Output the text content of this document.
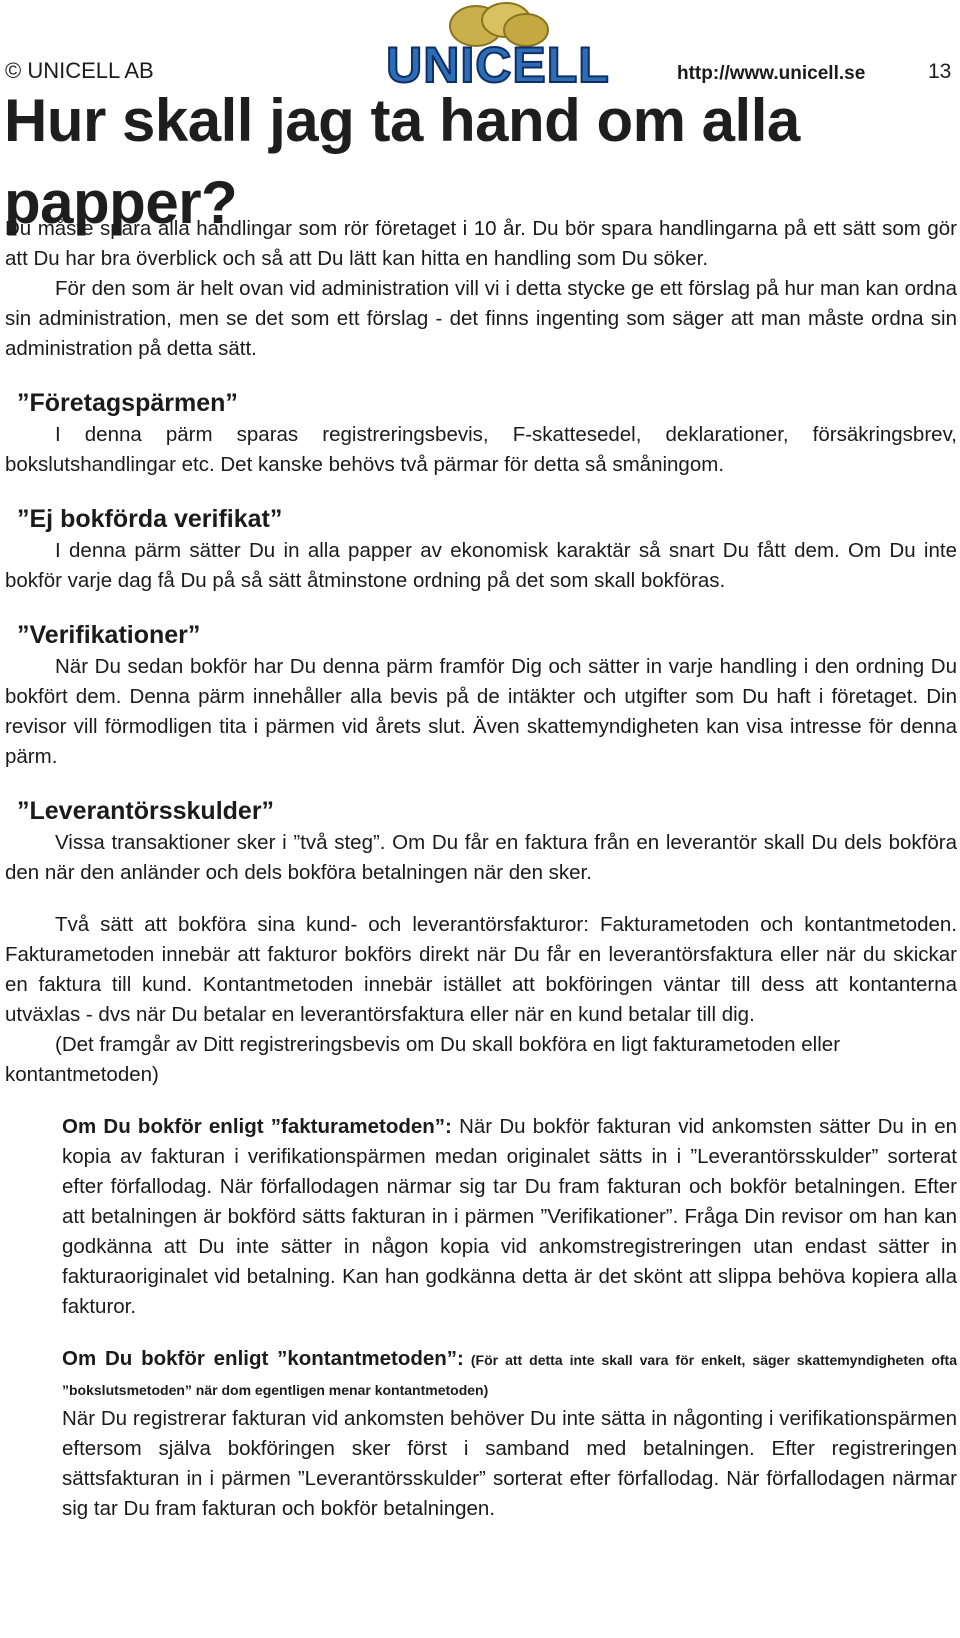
© UNICELL AB	UNICELL	http://www.unicell.se	13
Hur skall jag ta hand om alla papper?

Du måste spara alla handlingar som rör företaget i 10 år. Du bör spara handlingarna på ett sätt som gör att Du har bra överblick och så att Du lätt kan hitta en handling som Du söker.

För den som är helt ovan vid administration vill vi i detta stycke ge ett förslag på hur man kan ordna sin administration, men se det som ett förslag - det finns ingenting som säger att man måste ordna sin administration på detta sätt.

”Företagspärmen”

I denna pärm sparas registreringsbevis, F-skattesedel, deklarationer, försäkringsbrev, bokslutshandlingar etc. Det kanske behövs två pärmar för detta så småningom.

”Ej bokförda verifikat”

I denna pärm sätter Du in alla papper av ekonomisk karaktär så snart Du fått dem. Om Du inte bokför varje dag få Du på så sätt åtminstone ordning på det som skall bokföras.

”Verifikationer”

När Du sedan bokför har Du denna pärm framför Dig och sätter in varje handling i den ordning Du bokfört dem. Denna pärm innehåller alla bevis på de intäkter och utgifter som Du haft i företaget. Din revisor vill förmodligen tita i pärmen vid årets slut. Även skattemyndigheten kan visa intresse för denna pärm.

”Leverantörsskulder”

Vissa transaktioner sker i ”två steg”. Om Du får en faktura från en leverantör skall Du dels bokföra den när den anländer och dels bokföra betalningen när den sker.

Två sätt att bokföra sina kund- och leverantörsfakturor: Fakturametoden och kontantmetoden. Fakturametoden innebär att fakturor bokförs direkt när Du får en leverantörsfaktura eller när du skickar en faktura till kund. Kontantmetoden innebär istället att bokföringen väntar till dess att kontanterna utväxlas - dvs när Du betalar en leverantörsfaktura eller när en kund betalar till dig.

(Det framgår av Ditt registreringsbevis om Du skall bokföra en ligt fakturametoden eller kontantmetoden)

Om Du bokför enligt ”fakturametoden”: När Du bokför fakturan vid ankomsten sätter Du in en kopia av fakturan i verifikationspärmen medan originalet sätts in i ”Leverantörsskulder” sorterat efter förfallodag. När förfallodagen närmar sig tar Du fram fakturan och bokför betalningen. Efter att betalningen är bokförd sätts fakturan in i pärmen ”Verifikationer”. Fråga Din revisor om han kan godkänna att Du inte sätter in någon kopia vid ankomstregistreringen utan endast sätter in fakturaoriginalet vid betalning. Kan han godkänna detta är det skönt att slippa behöva kopiera alla fakturor.

Om Du bokför enligt ”kontantmetoden”: (För att detta inte skall vara för enkelt, säger skattemyndigheten ofta ”bokslutsmetoden” när dom egentligen menar kontantmetoden)

När Du registrerar fakturan vid ankomsten behöver Du inte sätta in någonting i verifikationspärmen eftersom själva bokföringen sker först i samband med betalningen. Efter registreringen sättsfakturan in i pärmen ”Leverantörsskulder” sorterat efter förfallodag. När förfallodagen närmar sig tar Du fram fakturan och bokför betalningen.
